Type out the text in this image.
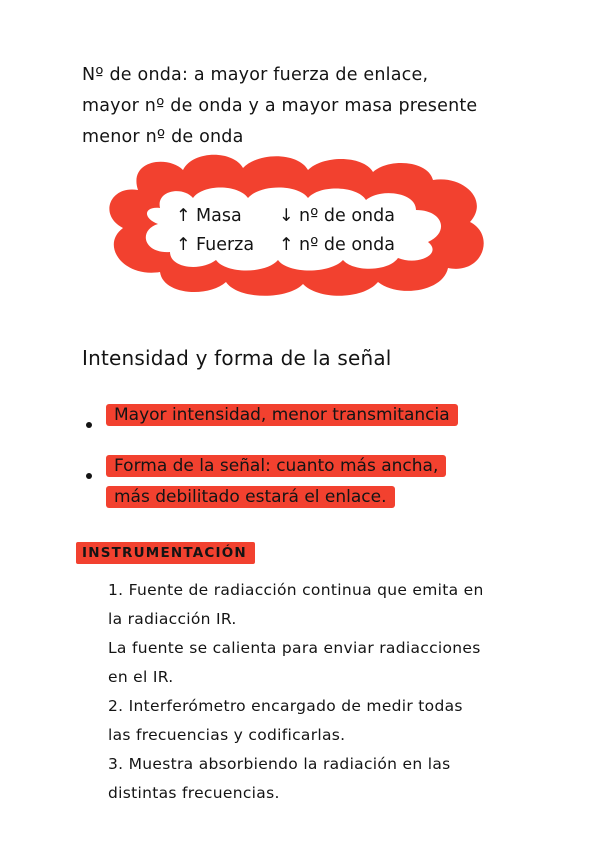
Nº de onda: a mayor fuerza de enlace,
mayor nº de onda y a mayor masa presente
menor nº de onda
↑ Masa ↓ nº de onda
↑ Fuerza ↑ nº de onda
Intensidad y forma de la señal
Mayor intensidad, menor transmitancia
Forma de la señal: cuanto más ancha,
más debilitado estará el enlace.
INSTRUMENTACIÓN
1. Fuente de radiacción continua que emita en
la radiacción IR.
La fuente se calienta para enviar radiacciones
en el IR.
2. Interferómetro encargado de medir todas
las frecuencias y codificarlas.
3. Muestra absorbiendo la radiación en las
distintas frecuencias.
